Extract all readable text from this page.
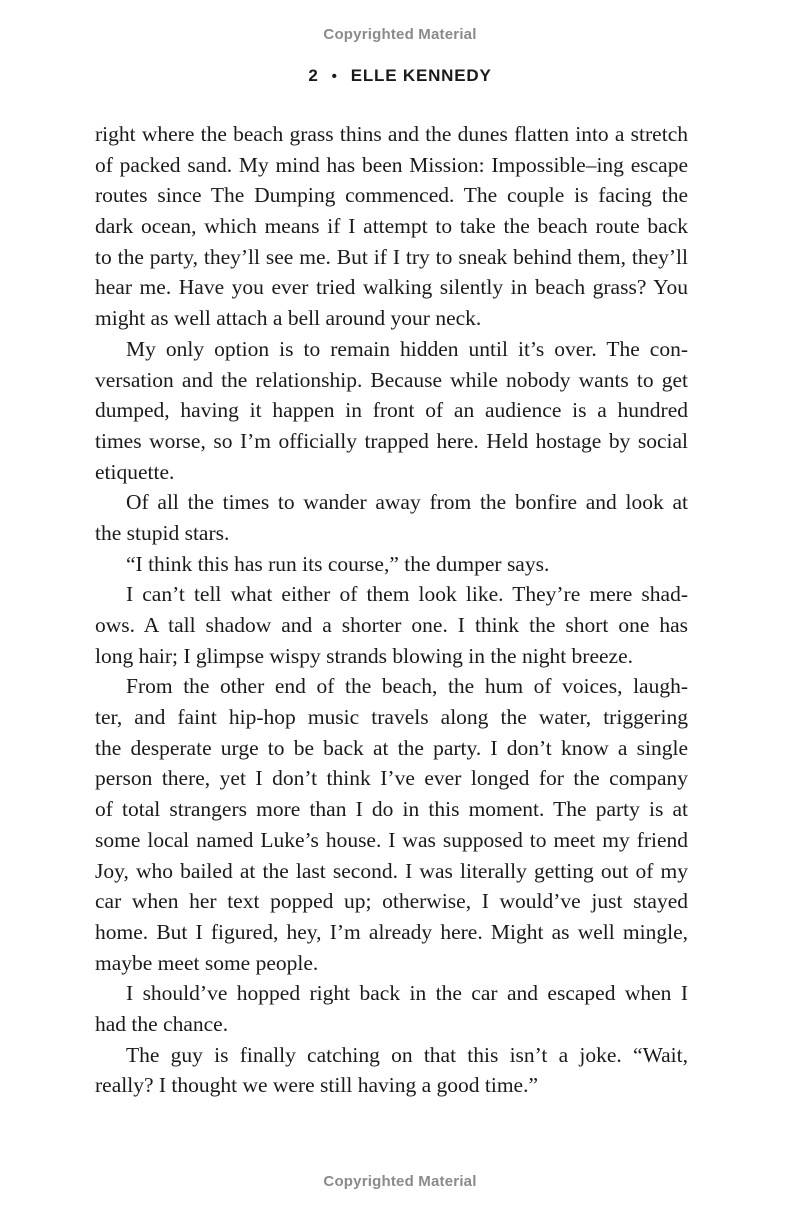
Copyrighted Material
2 • ELLE KENNEDY
right where the beach grass thins and the dunes flatten into a stretch
of packed sand. My mind has been Mission: Impossible–ing escape
routes since The Dumping commenced. The couple is facing the
dark ocean, which means if I attempt to take the beach route back
to the party, they’ll see me. But if I try to sneak behind them, they’ll
hear me. Have you ever tried walking silently in beach grass? You
might as well attach a bell around your neck.
My only option is to remain hidden until it’s over. The con-
versation and the relationship. Because while nobody wants to get
dumped, having it happen in front of an audience is a hundred
times worse, so I’m officially trapped here. Held hostage by social
etiquette.
Of all the times to wander away from the bonfire and look at
the stupid stars.
“I think this has run its course,” the dumper says.
I can’t tell what either of them look like. They’re mere shad-
ows. A tall shadow and a shorter one. I think the short one has
long hair; I glimpse wispy strands blowing in the night breeze.
From the other end of the beach, the hum of voices, laugh-
ter, and faint hip-hop music travels along the water, triggering
the desperate urge to be back at the party. I don’t know a single
person there, yet I don’t think I’ve ever longed for the company
of total strangers more than I do in this moment. The party is at
some local named Luke’s house. I was supposed to meet my friend
Joy, who bailed at the last second. I was literally getting out of my
car when her text popped up; otherwise, I would’ve just stayed
home. But I figured, hey, I’m already here. Might as well mingle,
maybe meet some people.
I should’ve hopped right back in the car and escaped when I
had the chance.
The guy is finally catching on that this isn’t a joke. “Wait,
really? I thought we were still having a good time.”
Copyrighted Material
